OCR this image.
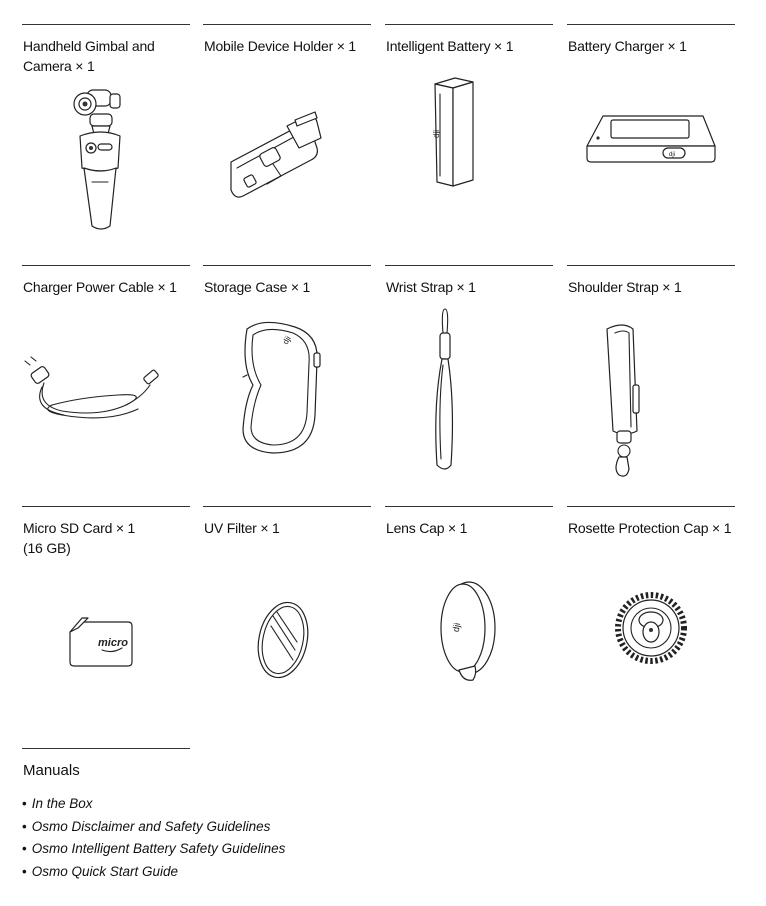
Handheld Gimbal and
Camera × 1
Mobile Device Holder × 1	Intelligent Battery × 1
dji
Battery Charger × 1
dji
Charger Power Cable × 1	Storage Case × 1
dji
Wrist Strap × 1	Shoulder Strap × 1
Micro SD Card × 1
(16 GB)
micro
UV Filter × 1	Lens Cap × 1
dji
Rosette Protection Cap × 1
Manuals
• In the Box
• Osmo Disclaimer and Safety Guidelines
• Osmo Intelligent Battery Safety Guidelines
• Osmo Quick Start Guide
